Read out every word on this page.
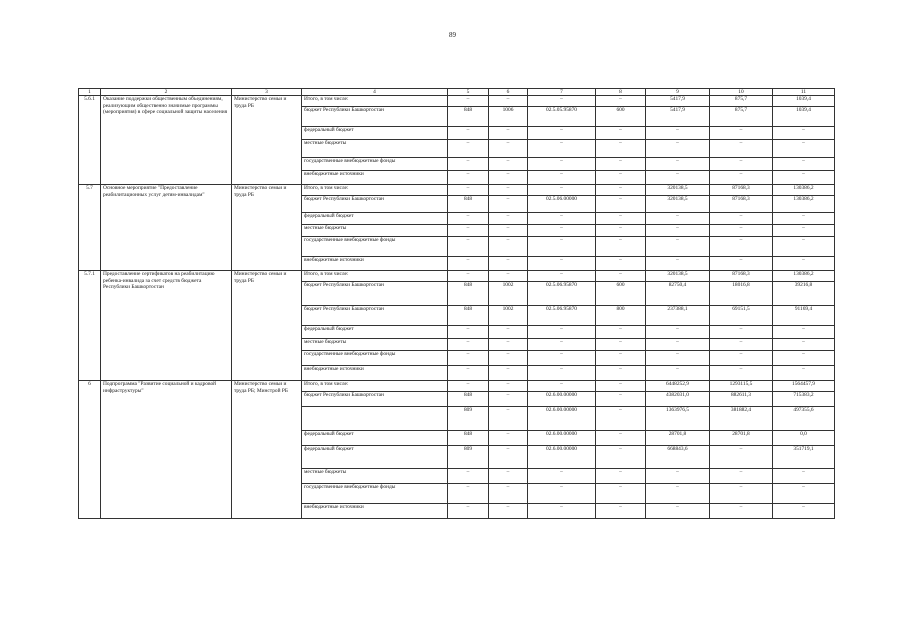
89
1	2	3	4	5	6	7	8	9	10	11
5.6.1	Оказание поддержки общественным объединениям, реализующим общественно значимые программы (мероприятия) в сфере социальной защиты населения	Министерство семьи и труда РБ	Итого, в том числе:	–	–	–	–	5417,9	875,7	1039,4
			бюджет Республики Башкортостан	848	1006	02.5.05.95870	600	5417,9	875,7	1039,4
			федеральный бюджет	–	–	–	–	–	–	–
			местные бюджеты	–	–	–	–	–	–	–
			государственные внебюджетные фонды	–	–	–	–	–	–	–
			внебюджетные источники	–	–	–	–	–	–	–
5.7	Основное мероприятие "Предоставление реабилитационных услуг детям-инвалидам"	Министерство семьи и труда РБ	Итого, в том числе:	–	–	–	–	320138,5	87168,3	130386,2
			бюджет Республики Башкортостан	848	–	02.5.06.00000	–	320138,5	87168,3	130386,2
			федеральный бюджет	–	–	–	–	–	–	–
			местные бюджеты	–	–	–	–	–	–	–
			государственные внебюджетные фонды	–	–	–	–	–	–	–
			внебюджетные источники	–	–	–	–	–	–	–
5.7.1	Предоставление сертификатов на реабилитацию ребенка-инвалида за счет средств бюджета Республики Башкортостан	Министерство семьи и труда РБ	Итого, в том числе:	–	–	–	–	320138,5	87168,3	130386,2
			бюджет Республики Башкортостан	848	1002	02.5.06.95870	600	82750,4	18016,8	39216,8
			бюджет Республики Башкортостан	848	1002	02.5.06.95870	800	237388,1	69151,5	91169,4
			федеральный бюджет	–	–	–	–	–	–	–
			местные бюджеты	–	–	–	–	–	–	–
			государственные внебюджетные фонды	–	–	–	–	–	–	–
			внебюджетные источники	–	–	–	–	–	–	–
6	Подпрограмма "Развитие социальной и кадровой инфраструктуры"	Министерство семьи и труда РБ; Минстрой РБ	Итого, в том числе:	–	–	–	–	6448252,9	1293115,5	1564457,9
			бюджет Республики Башкортостан	848	–	02.6.00.00000	–	4382031,0	882611,3	715383,2
				809	–	02.6.00.00000	–	1363976,5	381882,4	497355,6
			федеральный бюджет	848	–	02.6.00.00000	–	28701,8	28701,8	0,0
			федеральный бюджет	809	–	02.6.00.00000	–	668843,6	–	351719,1
			местные бюджеты	–	–	–	–	–	–	–
			государственные внебюджетные фонды	–	–	–	–	–	–	–
			внебюджетные источники	–	–	–	–	–	–	–
